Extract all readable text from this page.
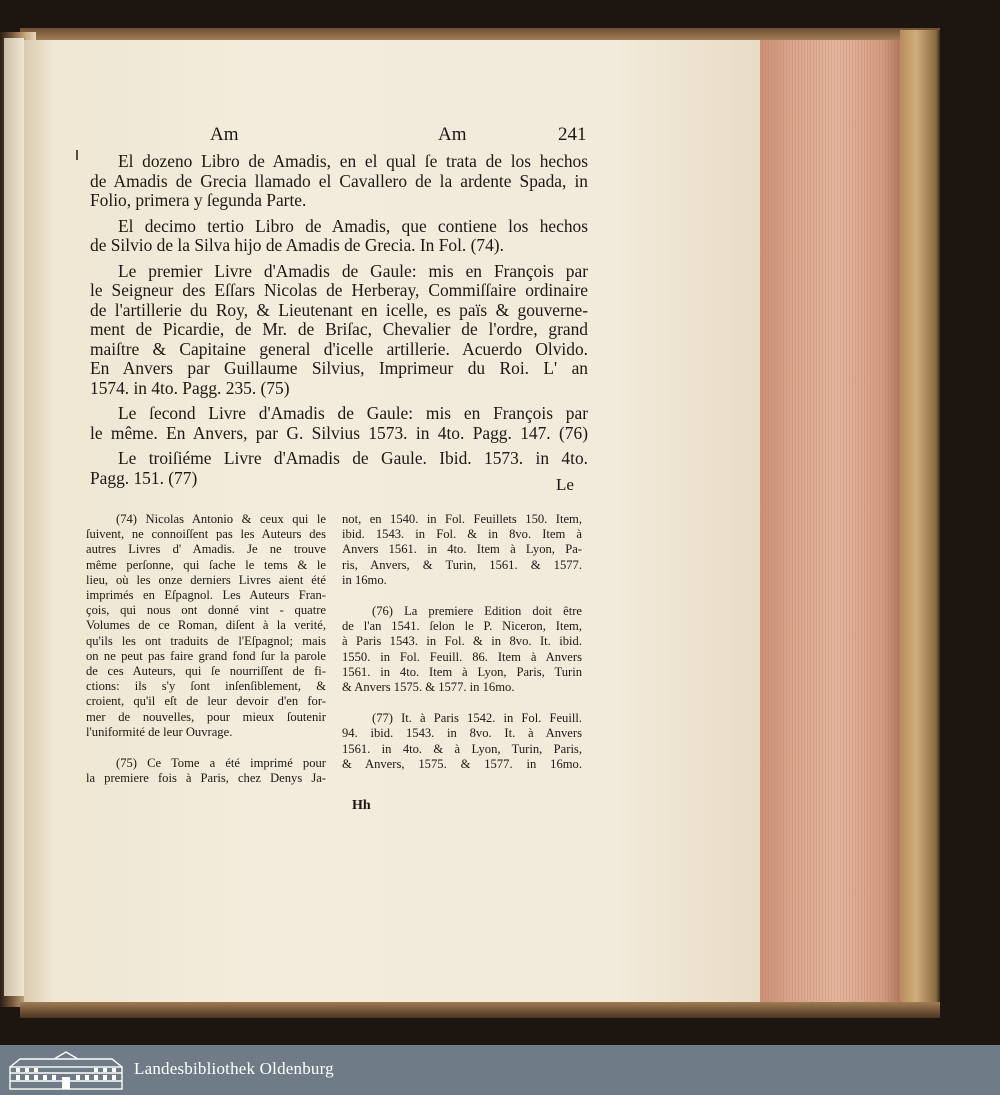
Am	Am	241

El dozeno Libro de Amadis, en el qual ſe trata de los hechos
de Amadis de Grecia llamado el Cavallero de la ardente Spada, in
Folio, primera y ſegunda Parte.

El decimo tertio Libro de Amadis, que contiene los hechos
de Silvio de la Silva hijo de Amadis de Grecia. In Fol. (74).

Le premier Livre d'Amadis de Gaule: mis en François par
le Seigneur des Eſſars Nicolas de Herberay, Commiſſaire ordinaire
de l'artillerie du Roy, & Lieutenant en icelle, es païs & gouverne-
ment de Picardie, de Mr. de Briſac, Chevalier de l'ordre, grand
maiſtre & Capitaine general d'icelle artillerie. Acuerdo Olvido.
En Anvers par Guillaume Silvius, Imprimeur du Roi. L' an
1574. in 4to. Pagg. 235. (75)

Le ſecond Livre d'Amadis de Gaule: mis en François par
le même. En Anvers, par G. Silvius 1573. in 4to. Pagg. 147. (76)

Le troiſiéme Livre d'Amadis de Gaule. Ibid. 1573. in 4to.
Pagg. 151. (77)	Le

(74) Nicolas Antonio & ceux qui le
ſuivent, ne connoiſſent pas les Auteurs des
autres Livres d' Amadis. Je ne trouve
même perſonne, qui ſache le tems & le
lieu, où les onze derniers Livres aient été
imprimés en Eſpagnol. Les Auteurs Fran-
çois, qui nous ont donné vint - quatre
Volumes de ce Roman, diſent à la verité,
qu'ils les ont traduits de l'Eſpagnol; mais
on ne peut pas faire grand fond ſur la parole
de ces Auteurs, qui ſe nourriſſent de fi-
ctions: ils s'y ſont inſenſiblement, &
croient, qu'il eſt de leur devoir d'en for-
mer de nouvelles, pour mieux ſoutenir
l'uniformité de leur Ouvrage.

(75) Ce Tome a été imprimé pour
la premiere fois à Paris, chez Denys Ja-

not, en 1540. in Fol. Feuillets 150. Item,
ibid. 1543. in Fol. & in 8vo. Item à
Anvers 1561. in 4to. Item à Lyon, Pa-
ris, Anvers, & Turin, 1561. & 1577.
in 16mo.

(76) La premiere Edition doit être
de l'an 1541. ſelon le P. Niceron, Item,
à Paris 1543. in Fol. & in 8vo. It. ibid.
1550. in Fol. Feuill. 86. Item à Anvers
1561. in 4to. Item à Lyon, Paris, Turin
& Anvers 1575. & 1577. in 16mo.

(77) It. à Paris 1542. in Fol. Feuill.
94. ibid. 1543. in 8vo. It. à Anvers
1561. in 4to. & à Lyon, Turin, Paris,
& Anvers, 1575. & 1577. in 16mo.

Hh
Landesbibliothek Oldenburg
